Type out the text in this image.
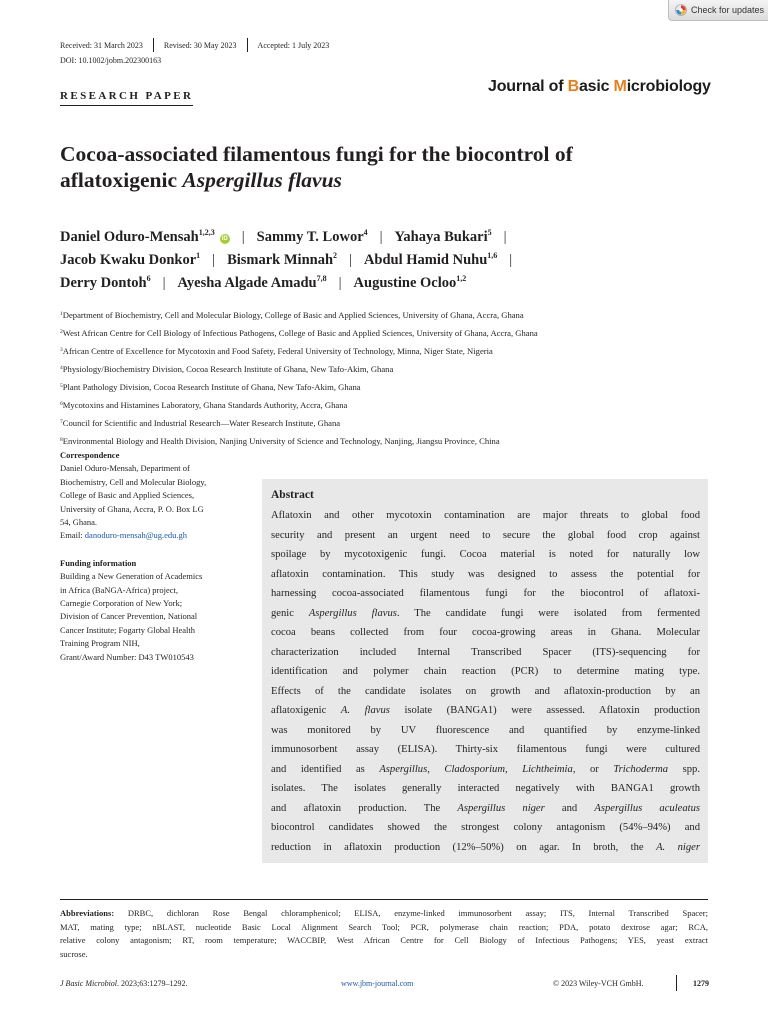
Check for updates
Received: 31 March 2023	Revised: 30 May 2023	Accepted: 1 July 2023
DOI: 10.1002/jobm.202300163
Journal of Basic Microbiology
RESEARCH PAPER
Cocoa-associated filamentous fungi for the biocontrol of
aflatoxigenic Aspergillus flavus
Daniel Oduro-Mensah$^{1,2,3}$iD | Sammy T. Lowor$^4$ | Yahaya Bukari$^5$ |
Jacob Kwaku Donkor$^1$ | Bismark Minnah$^2$ | Abdul Hamid Nuhu$^{1,6}$ |
Derry Dontoh$^6$ | Ayesha Algade Amadu$^{7,8}$ | Augustine Ocloo$^{1,2}$
$^1$Department of Biochemistry, Cell and Molecular Biology, College of Basic and Applied Sciences, University of Ghana, Accra, Ghana
$^2$West African Centre for Cell Biology of Infectious Pathogens, College of Basic and Applied Sciences, University of Ghana, Accra, Ghana
$^3$African Centre of Excellence for Mycotoxin and Food Safety, Federal University of Technology, Minna, Niger State, Nigeria
$^4$Physiology/Biochemistry Division, Cocoa Research Institute of Ghana, New Tafo-Akim, Ghana
$^5$Plant Pathology Division, Cocoa Research Institute of Ghana, New Tafo-Akim, Ghana
$^6$Mycotoxins and Histamines Laboratory, Ghana Standards Authority, Accra, Ghana
$^7$Council for Scientific and Industrial Research—Water Research Institute, Ghana
$^8$Environmental Biology and Health Division, Nanjing University of Science and Technology, Nanjing, Jiangsu Province, China
Correspondence
Daniel Oduro-Mensah, Department of
Biochemistry, Cell and Molecular Biology,
College of Basic and Applied Sciences,
University of Ghana, Accra, P. O. Box LG
54, Ghana.
Email: danoduro-mensah@ug.edu.gh
Funding information
Building a New Generation of Academics
in Africa (BaNGA-Africa) project,
Carnegie Corporation of New York;
Division of Cancer Prevention, National
Cancer Institute; Fogarty Global Health
Training Program NIH,
Grant/Award Number: D43 TW010543
Abstract
Aflatoxin and other mycotoxin contamination are major threats to global food
security and present an urgent need to secure the global food crop against
spoilage by mycotoxigenic fungi. Cocoa material is noted for naturally low
aflatoxin contamination. This study was designed to assess the potential for
harnessing cocoa-associated filamentous fungi for the biocontrol of aflatoxi-
genic Aspergillus flavus. The candidate fungi were isolated from fermented
cocoa beans collected from four cocoa-growing areas in Ghana. Molecular
characterization included Internal Transcribed Spacer (ITS)-sequencing for
identification and polymer chain reaction (PCR) to determine mating type.
Effects of the candidate isolates on growth and aflatoxin-production by an
aflatoxigenic A. flavus isolate (BANGA1) were assessed. Aflatoxin production
was monitored by UV fluorescence and quantified by enzyme-linked
immunosorbent assay (ELISA). Thirty-six filamentous fungi were cultured
and identified as Aspergillus, Cladosporium, Lichtheimia, or Trichoderma spp.
isolates. The isolates generally interacted negatively with BANGA1 growth
and aflatoxin production. The Aspergillus niger and Aspergillus aculeatus
biocontrol candidates showed the strongest colony antagonism (54%–94%) and
reduction in aflatoxin production (12%–50%) on agar. In broth, the A. niger
Abbreviations: DRBC, dichloran Rose Bengal chloramphenicol; ELISA, enzyme-linked immunosorbent assay; ITS, Internal Transcribed Spacer;
MAT, mating type; nBLAST, nucleotide Basic Local Alignment Search Tool; PCR, polymerase chain reaction; PDA, potato dextrose agar; RCA,
relative colony antagonism; RT, room temperature; WACCBIP, West African Centre for Cell Biology of Infectious Pathogens; YES, yeast extract
sucrose.
J Basic Microbiol. 2023;63:1279–1292.	www.jbm-journal.com	© 2023 Wiley-VCH GmbH.	1279
